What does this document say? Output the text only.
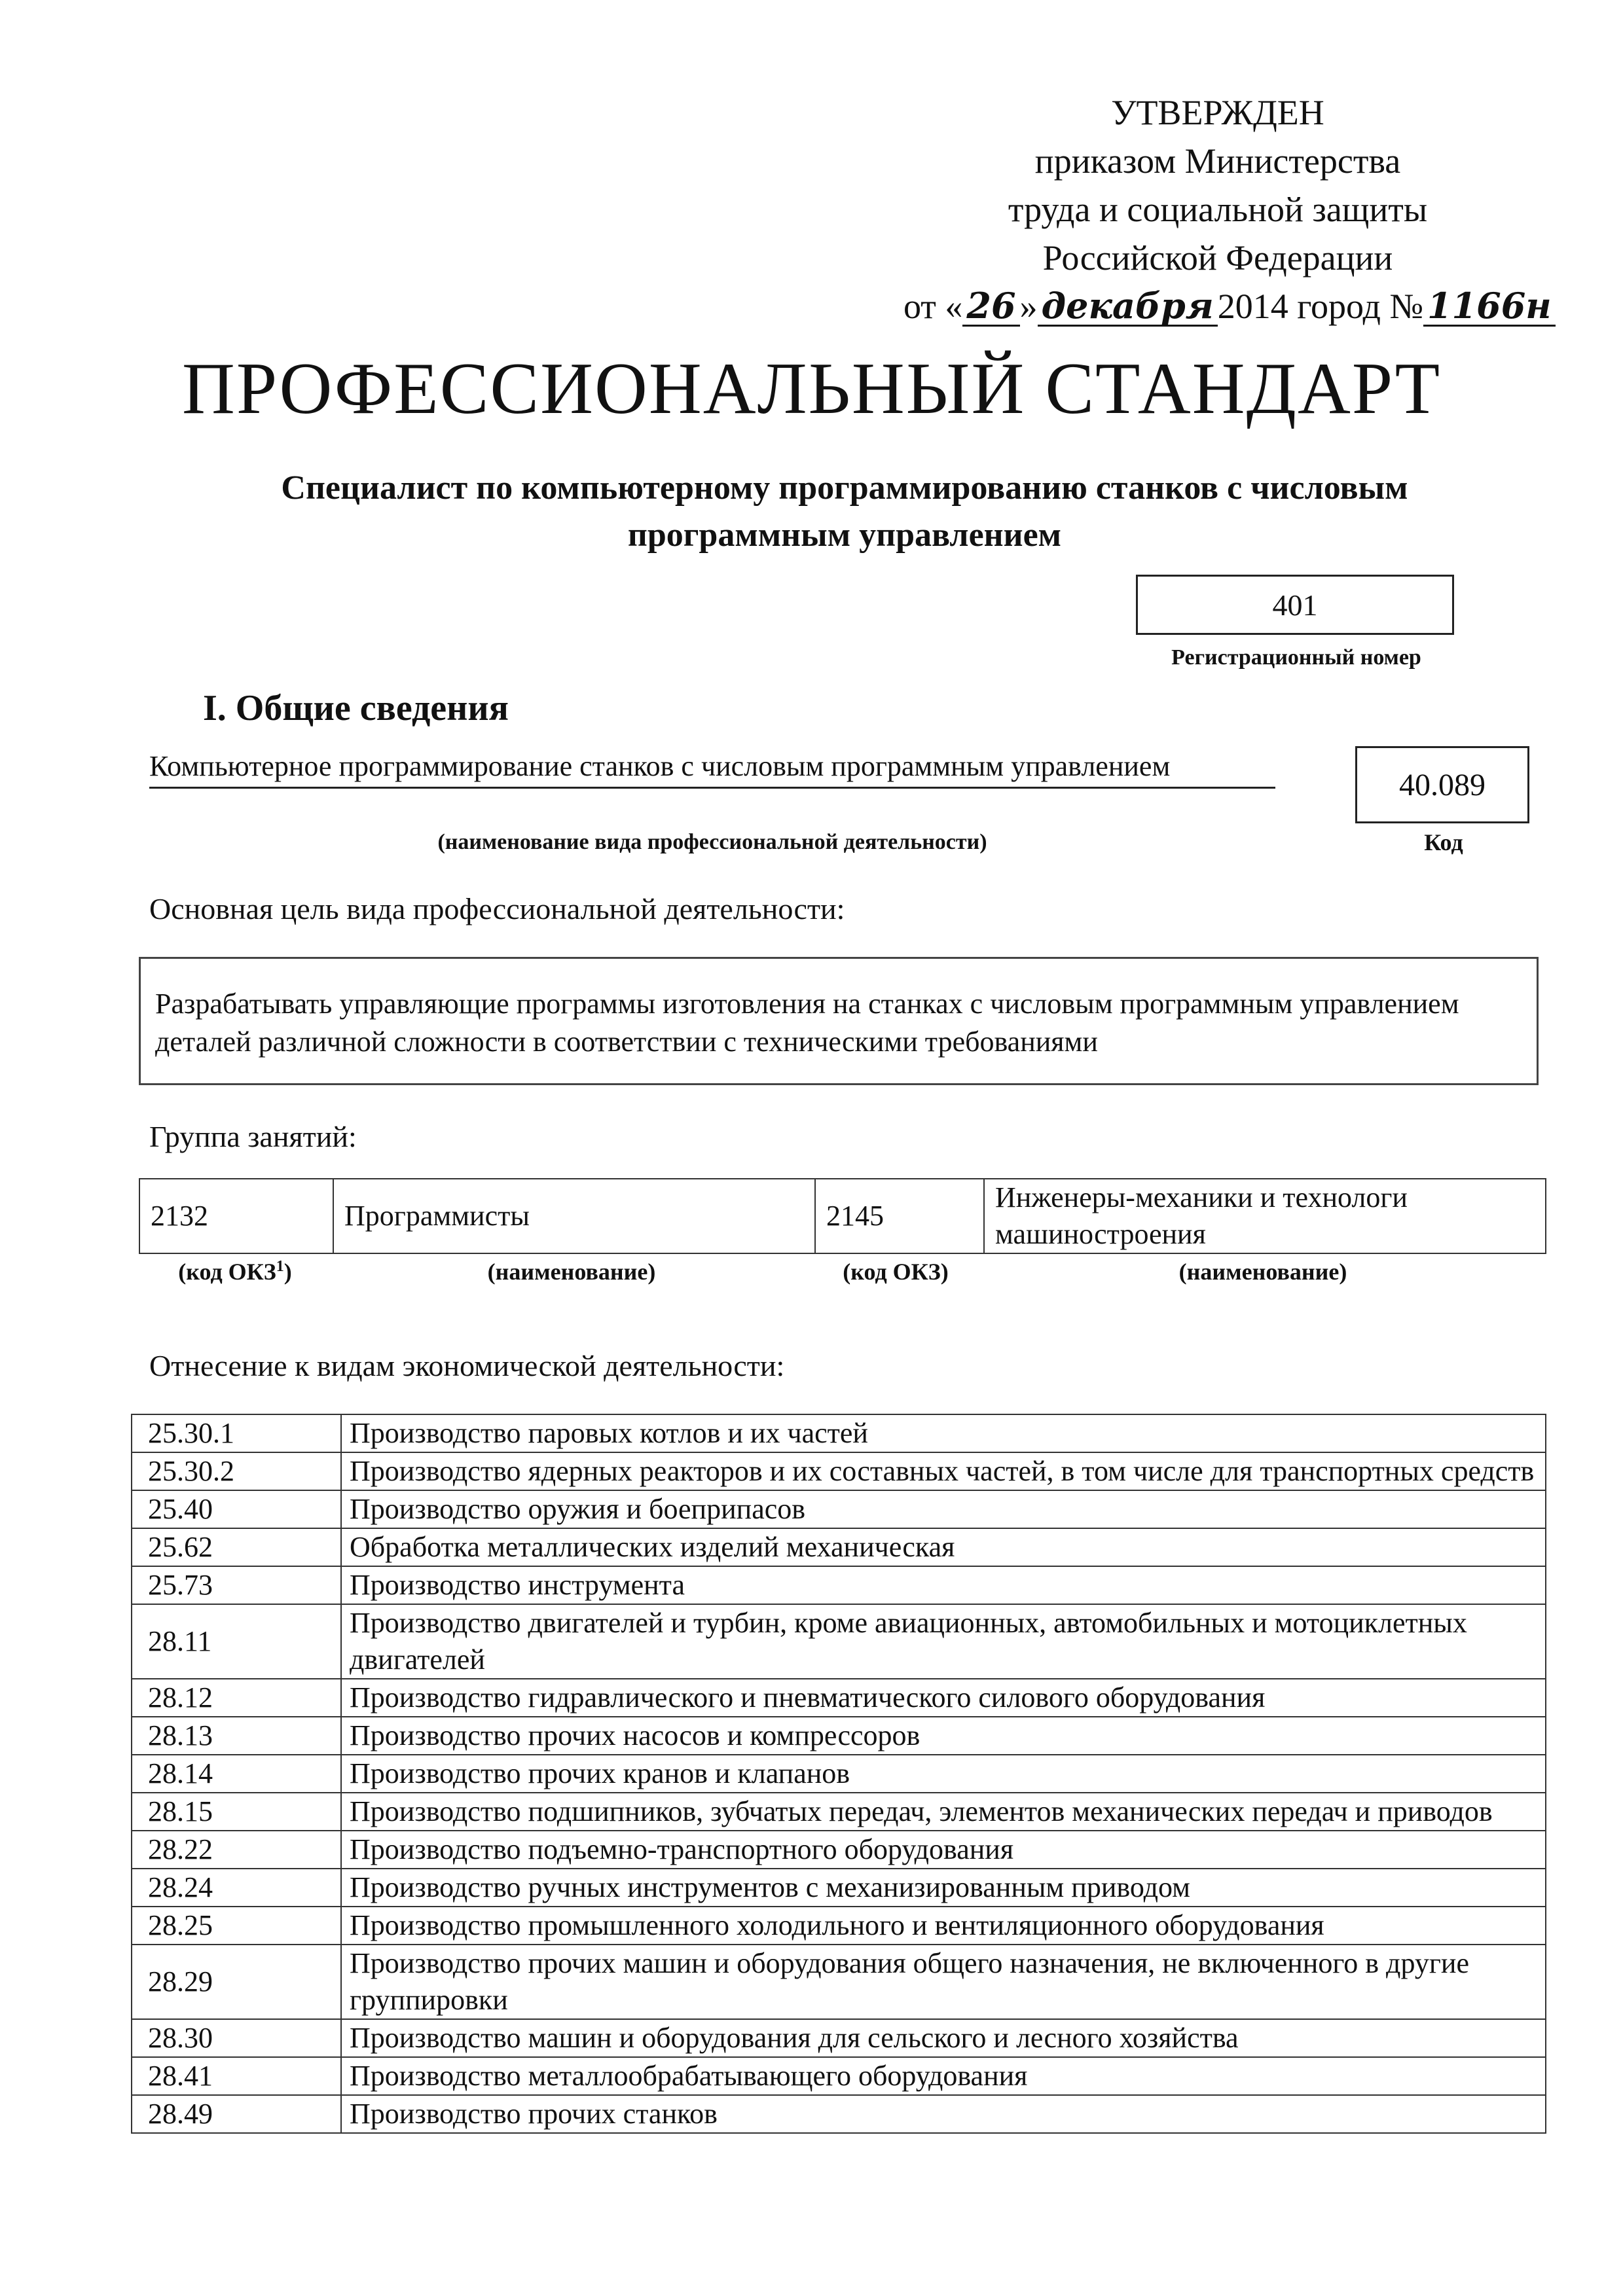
УТВЕРЖДЕН
приказом Министерства
труда и социальной защиты
Российской Федерации
от « 26 » декабря 2014 город № 1166н
ПРОФЕССИОНАЛЬНЫЙ СТАНДАРТ
Специалист по компьютерному программированию станков с числовым программным управлением
401
Регистрационный номер
I. Общие сведения
Компьютерное программирование станков с числовым программным управлением
(наименование вида профессиональной деятельности)
40.089
Код
Основная цель вида профессиональной деятельности:
Разрабатывать управляющие программы изготовления на станках с числовым программным управлением деталей различной сложности в соответствии с техническими требованиями
Группа занятий:
2132	Программисты	2145	Инженеры-механики и технологи машиностроения
(код ОКЗ$^1$)	(наименование)	(код ОКЗ)	(наименование)
Отнесение к видам экономической деятельности:
25.30.1	Производство паровых котлов и их частей
25.30.2	Производство ядерных реакторов и их составных частей, в том числе для транспортных средств
25.40	Производство оружия и боеприпасов
25.62	Обработка металлических изделий механическая
25.73	Производство инструмента
28.11	Производство двигателей и турбин, кроме авиационных, автомобильных и мотоциклетных двигателей
28.12	Производство гидравлического и пневматического силового оборудования
28.13	Производство прочих насосов и компрессоров
28.14	Производство прочих кранов и клапанов
28.15	Производство подшипников, зубчатых передач, элементов механических передач и приводов
28.22	Производство подъемно-транспортного оборудования
28.24	Производство ручных инструментов с механизированным приводом
28.25	Производство промышленного холодильного и вентиляционного оборудования
28.29	Производство прочих машин и оборудования общего назначения, не включенного в другие группировки
28.30	Производство машин и оборудования для сельского и лесного хозяйства
28.41	Производство металлообрабатывающего оборудования
28.49	Производство прочих станков
